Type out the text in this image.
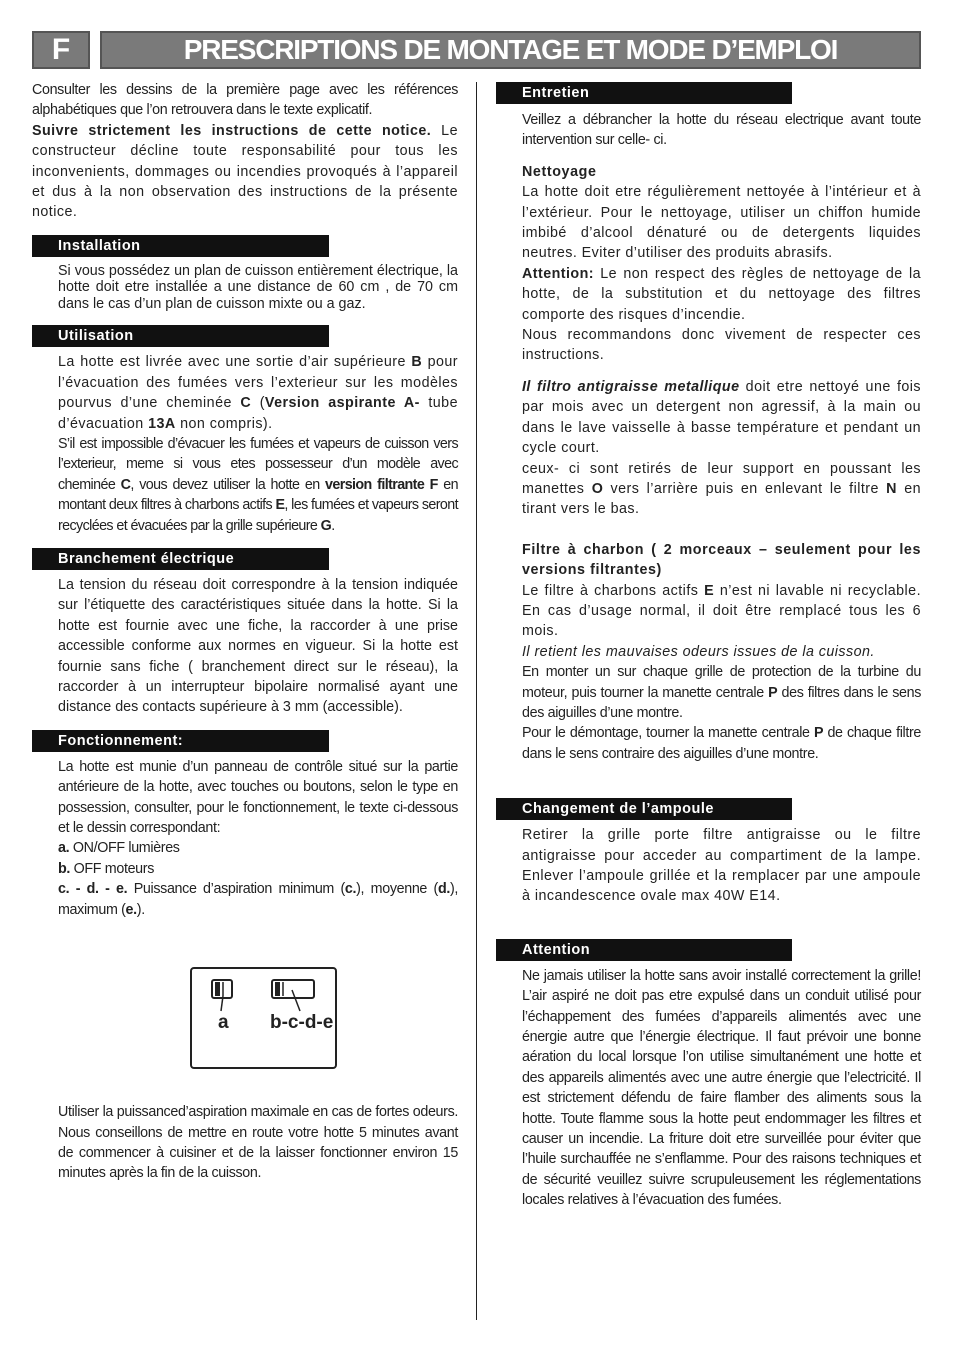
F	PRESCRIPTIONS DE MONTAGE ET MODE D’EMPLOI

Consulter les dessins de la première page avec les références alphabétiques que l’on retrouvera dans le texte explicatif.
Suivre strictement les instructions de cette notice. Le constructeur décline toute responsabilité pour tous les inconvenients, dommages ou incendies provoqués à l’appareil et dus à la non observation des instructions de la présente notice.

Installation

Si vous possédez un plan de cuisson entièrement électrique, la hotte doit etre installée a une distance de 60 cm , de 70 cm dans le cas d’un plan de cuisson mixte ou a gaz.

Utilisation

La hotte est livrée avec une sortie d’air supérieure B pour l’évacuation des fumées vers l’exterieur sur les modèles pourvus d’une cheminée C (Version aspirante A- tube d’évacuation 13A non compris).

S’il est impossible d’évacuer les fumées et vapeurs de cuisson vers l’exterieur, meme si vous etes possesseur d’un modèle avec cheminée C, vous devez utiliser la hotte en version filtrante F en montant deux filtres à charbons actifs E, les fumées et vapeurs seront recyclées et évacuées par la grille supérieure G.

Branchement électrique

La tension du réseau doit correspondre à la tension indiquée sur l’étiquette des caractéristiques située dans la hotte. Si la hotte est fournie avec une fiche, la raccorder à une prise accessible conforme aux normes en vigueur. Si la hotte est fournie sans fiche ( branchement direct sur le réseau), la raccorder à un interrupteur bipolaire normalisé ayant une distance des contacts supérieure à 3 mm (accessible).

Fonctionnement:

La hotte est munie d’un panneau de contrôle situé sur la partie antérieure de la hotte, avec touches ou boutons, selon le type en possession, consulter, pour le fonctionnement, le texte ci-dessous et le dessin correspondant:

a. ON/OFF lumières

b. OFF moteurs

c. - d. - e. Puissance d’aspiration minimum (c.), moyenne (d.), maximum (e.).

a b-c-d-e

Utiliser la puissanced’aspiration maximale en cas de fortes odeurs. Nous conseillons de mettre en route votre hotte 5 minutes avant de commencer à cuisiner et de la laisser fonctionner environ 15 minutes après la fin de la cuisson.

Entretien

Veillez a débrancher la hotte du réseau electrique avant toute intervention sur celle- ci.

Nettoyage

La hotte doit etre régulièrement nettoyée à l’intérieur et à l’extérieur. Pour le nettoyage, utiliser un chiffon humide imbibé d’alcool dénaturé ou de detergents liquides neutres. Eviter d’utiliser des produits abrasifs.

Attention: Le non respect des règles de nettoyage de la hotte, de la substitution et du nettoyage des filtres comporte des risques d’incendie.

Nous recommandons donc vivement de respecter ces instructions.

Il filtro antigraisse metallique doit etre nettoyé une fois par mois avec un detergent non agressif, à la main ou dans le lave vaisselle à basse température et pendant un cycle court.

ceux- ci sont retirés de leur support en poussant les manettes O vers l’arrière puis en enlevant le filtre N en tirant vers le bas.

Filtre à charbon ( 2 morceaux – seulement pour les versions filtrantes)

Le filtre à charbons actifs E n’est ni lavable ni recyclable. En cas d’usage normal, il doit être remplacé tous les 6 mois.
Il retient les mauvaises odeurs issues de la cuisson.

En monter un sur chaque grille de protection de la turbine du moteur, puis tourner la manette centrale P des filtres dans le sens des aiguilles d’une montre.

Pour le démontage, tourner la manette centrale P de chaque filtre dans le sens contraire des aiguilles d’une montre.

Changement de l’ampoule

Retirer la grille porte filtre antigraisse ou le filtre antigraisse pour acceder au compartiment de la lampe. Enlever l’ampoule grillée et la remplacer par une ampoule à incandescence ovale max 40W E14.

Attention

Ne jamais utiliser la hotte sans avoir installé correctement la grille! L’air aspiré ne doit pas etre expulsé dans un conduit utilisé pour l’échappement des fumées d’appareils alimentés avec une énergie autre que l’énergie électrique. Il faut prévoir une bonne aération du local lorsque l’on utilise simultanément une hotte et des appareils alimentés avec une autre énergie que l’electricité. Il est strictement défendu de faire flamber des aliments sous la hotte. Toute flamme sous la hotte peut endommager les filtres et causer un incendie. La friture doit etre surveillée pour éviter que l’huile surchauffée ne s’enflamme. Pour des raisons techniques et de sécurité veuillez suivre scrupuleusement les réglementations locales relatives à l’évacuation des fumées.
